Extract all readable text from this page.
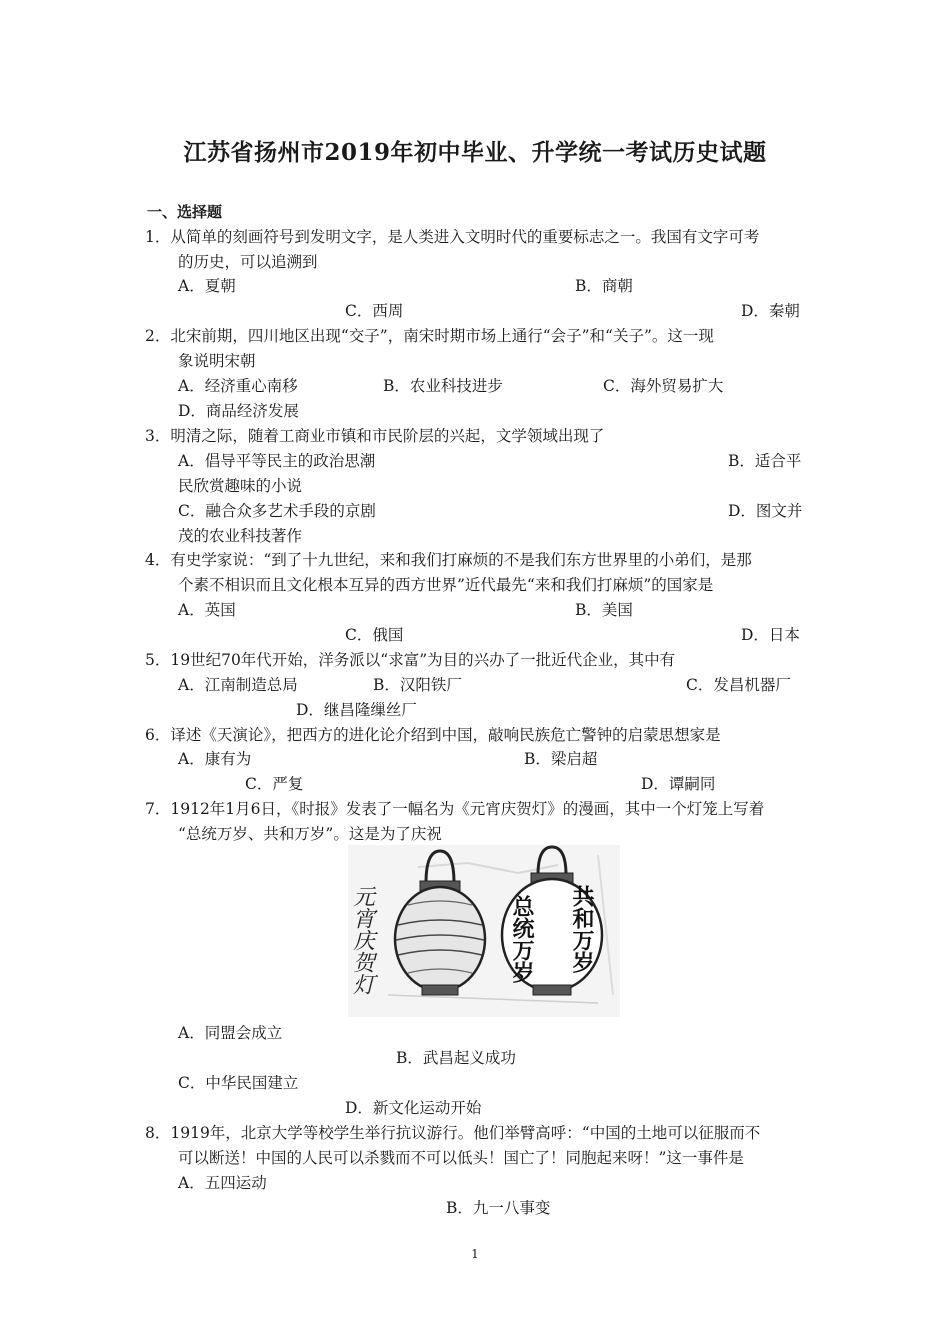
江苏省扬州市2019年初中毕业、升学统一考试历史试题
一、选择题
1．从简单的刻画符号到发明文字，是人类进入文明时代的重要标志之一。我国有文字可考
的历史，可以追溯到
A．夏朝	B．商朝
C．西周	D．秦朝
2．北宋前期，四川地区出现“交子”，南宋时期市场上通行“会子”和“关子”。这一现
象说明宋朝
A．经济重心南移	B．农业科技进步	C．海外贸易扩大
D．商品经济发展
3．明清之际，随着工商业市镇和市民阶层的兴起，文学领域出现了
A．倡导平等民主的政治思潮	B．适合平
民欣赏趣味的小说
C．融合众多艺术手段的京剧	D．图文并
茂的农业科技著作
4．有史学家说：“到了十九世纪，来和我们打麻烦的不是我们东方世界里的小弟们，是那
个素不相识而且文化根本互异的西方世界”近代最先“来和我们打麻烦”的国家是
A．英国	B．美国
C．俄国	D．日本
5．19世纪70年代开始，洋务派以“求富”为目的兴办了一批近代企业，其中有
A．江南制造总局	B．汉阳铁厂	C．发昌机器厂
D．继昌隆缫丝厂
6．译述《天演论》，把西方的进化论介绍到中国，敲响民族危亡警钟的启蒙思想家是
A．康有为	B．梁启超
C．严复	D．谭嗣同
7．1912年1月6日，《时报》发表了一幅名为《元宵庆贺灯》的漫画，其中一个灯笼上写着
“总统万岁、共和万岁”。这是为了庆祝
元宵庆贺灯	总统万岁 共和万岁
A．同盟会成立
B．武昌起义成功
C．中华民国建立
D．新文化运动开始
8．1919年，北京大学等校学生举行抗议游行。他们举臂高呼：“中国的土地可以征服而不
可以断送！中国的人民可以杀戮而不可以低头！国亡了！同胞起来呀！”这一事件是
A．五四运动
B．九一八事变
1
